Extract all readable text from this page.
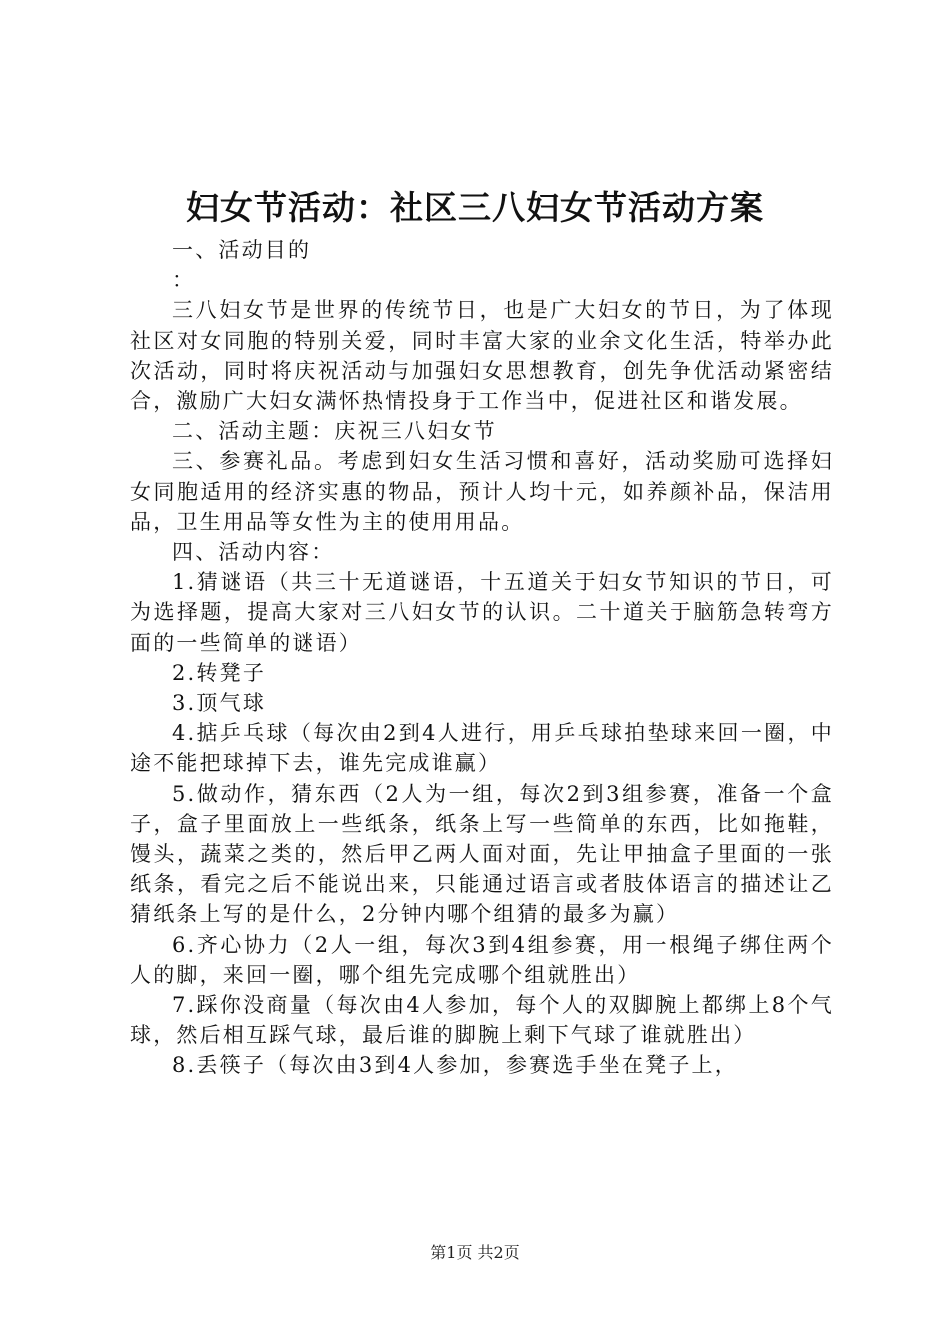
妇女节活动：社区三八妇女节活动方案

一、活动目的

：

三八妇女节是世界的传统节日，也是广大妇女的节日，为了体现社区对女同胞的特别关爱，同时丰富大家的业余文化生活，特举办此次活动，同时将庆祝活动与加强妇女思想教育，创先争优活动紧密结合，激励广大妇女满怀热情投身于工作当中，促进社区和谐发展。

二、活动主题：庆祝三八妇女节

三、参赛礼品。考虑到妇女生活习惯和喜好，活动奖励可选择妇女同胞适用的经济实惠的物品，预计人均十元，如养颜补品，保洁用品，卫生用品等女性为主的使用用品。

四、活动内容：

1.猜谜语（共三十无道谜语，十五道关于妇女节知识的节日，可为选择题，提高大家对三八妇女节的认识。二十道关于脑筋急转弯方面的一些简单的谜语）

2.转凳子

3.顶气球

4.掂乒乓球（每次由2到4人进行，用乒乓球拍垫球来回一圈，中途不能把球掉下去，谁先完成谁赢）

5.做动作，猜东西（2人为一组，每次2到3组参赛，准备一个盒子，盒子里面放上一些纸条，纸条上写一些简单的东西，比如拖鞋，馒头，蔬菜之类的，然后甲乙两人面对面，先让甲抽盒子里面的一张纸条，看完之后不能说出来，只能通过语言或者肢体语言的描述让乙猜纸条上写的是什么，2分钟内哪个组猜的最多为赢）

6.齐心协力（2人一组，每次3到4组参赛，用一根绳子绑住两个人的脚，来回一圈，哪个组先完成哪个组就胜出）

7.踩你没商量（每次由4人参加，每个人的双脚腕上都绑上8个气球，然后相互踩气球，最后谁的脚腕上剩下气球了谁就胜出）

8.丢筷子（每次由3到4人参加，参赛选手坐在凳子上，

第1页 共2页
